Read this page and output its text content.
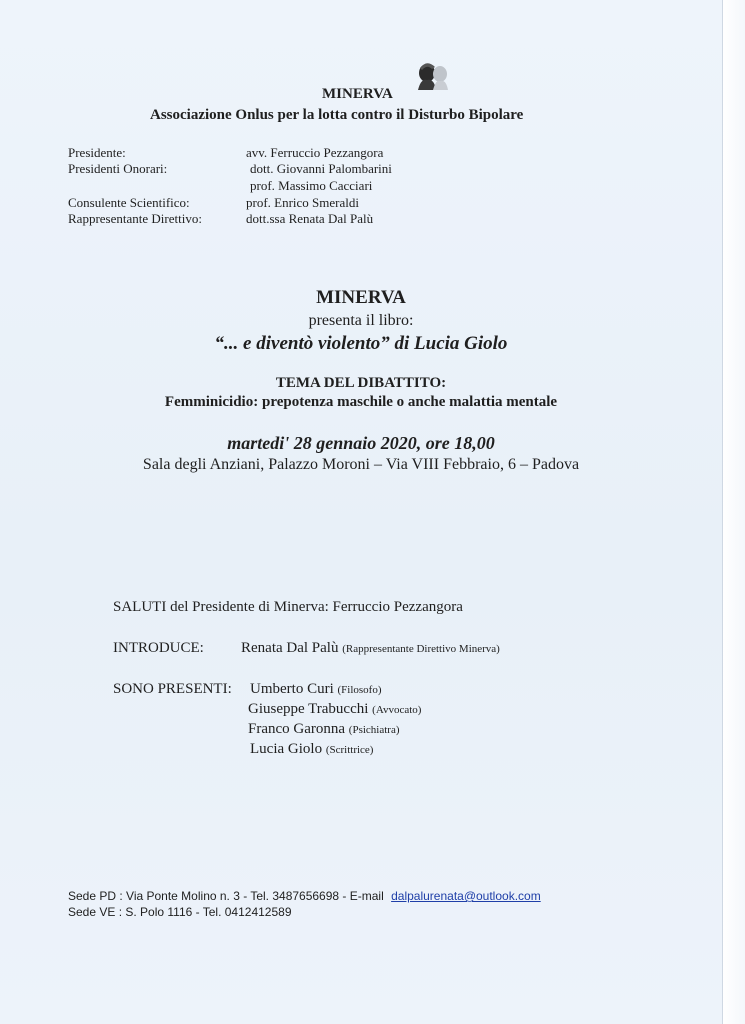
MINERVA
Associazione Onlus per la lotta contro il Disturbo Bipolare
Presidente:	avv. Ferruccio Pezzangora
Presidenti Onorari:	dott. Giovanni Palombarini
prof. Massimo Cacciari
Consulente Scientifico:	prof. Enrico Smeraldi
Rappresentante Direttivo:	dott.ssa Renata Dal Palù
MINERVA
presenta il libro:
“... e diventò violento” di Lucia Giolo
TEMA DEL DIBATTITO:
Femminicidio: prepotenza maschile o anche malattia mentale
martedi' 28 gennaio 2020, ore 18,00
Sala degli Anziani, Palazzo Moroni – Via VIII Febbraio, 6 – Padova
SALUTI del Presidente di Minerva: Ferruccio Pezzangora
INTRODUCE: Renata Dal Palù (Rappresentante Direttivo Minerva)
SONO PRESENTI: Umberto Curi (Filosofo)
Giuseppe Trabucchi (Avvocato)
Franco Garonna (Psichiatra)
Lucia Giolo (Scrittrice)
Sede PD : Via Ponte Molino n. 3 - Tel. 3487656698 - E-mail dalpalurenata@outlook.com
Sede VE : S. Polo 1116 - Tel. 0412412589
